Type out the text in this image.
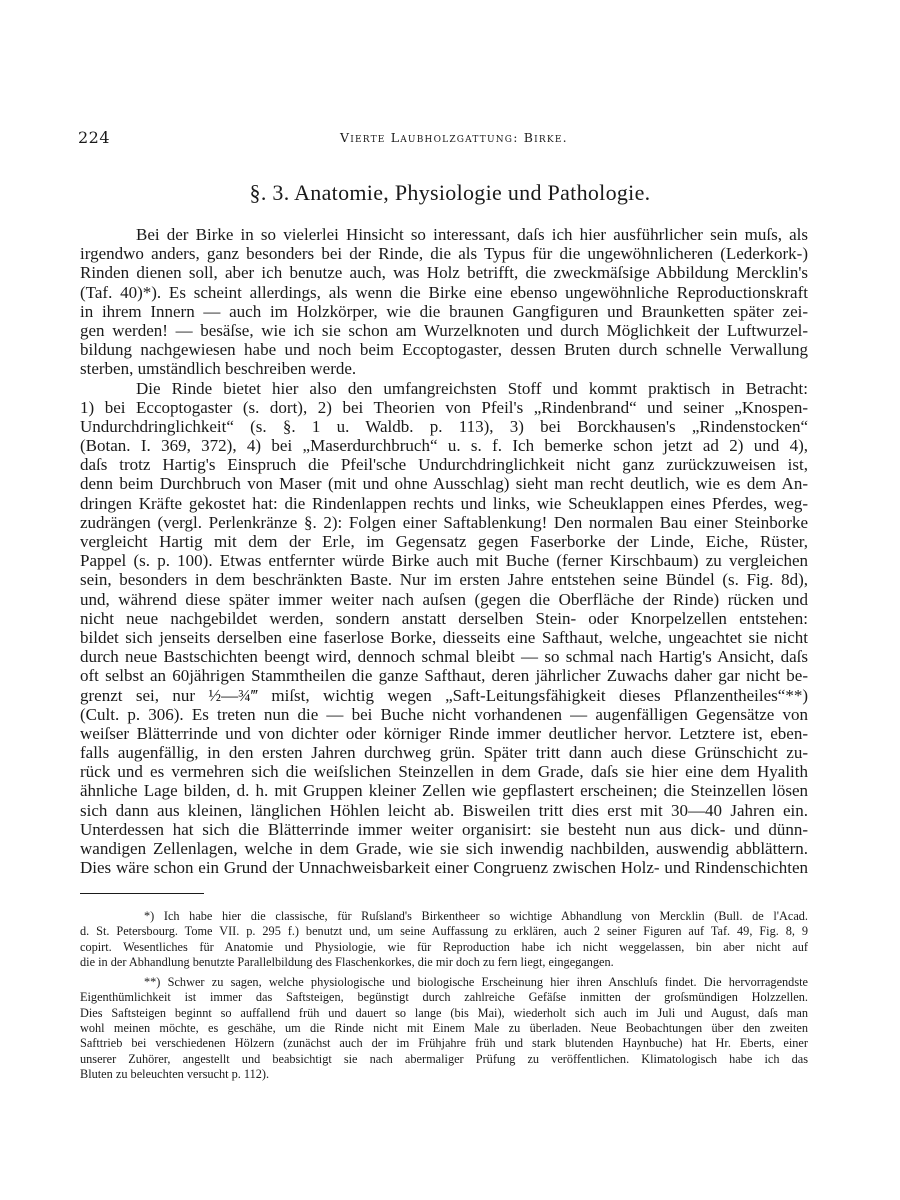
224	Vierte Laubholzgattung: Birke.
§. 3. Anatomie, Physiologie und Pathologie.
Bei der Birke in so vielerlei Hinsicht so interessant, daſs ich hier ausführlicher sein muſs, als
irgendwo anders, ganz besonders bei der Rinde, die als Typus für die ungewöhnlicheren (Lederkork-)
Rinden dienen soll, aber ich benutze auch, was Holz betrifft, die zweckmäſsige Abbildung Mercklin's
(Taf. 40)*). Es scheint allerdings, als wenn die Birke eine ebenso ungewöhnliche Reproductionskraft
in ihrem Innern — auch im Holzkörper, wie die braunen Gangfiguren und Braunketten später zei-
gen werden! — besäſse, wie ich sie schon am Wurzelknoten und durch Möglichkeit der Luftwurzel-
bildung nachgewiesen habe und noch beim Eccoptogaster, dessen Bruten durch schnelle Verwallung
sterben, umständlich beschreiben werde.
Die Rinde bietet hier also den umfangreichsten Stoff und kommt praktisch in Betracht:
1) bei Eccoptogaster (s. dort), 2) bei Theorien von Pfeil's „Rindenbrand“ und seiner „Knospen-
Undurchdringlichkeit“ (s. §. 1 u. Waldb. p. 113), 3) bei Borckhausen's „Rindenstocken“
(Botan. I. 369, 372), 4) bei „Maserdurchbruch“ u. s. f. Ich bemerke schon jetzt ad 2) und 4),
daſs trotz Hartig's Einspruch die Pfeil'sche Undurchdringlichkeit nicht ganz zurückzuweisen ist,
denn beim Durchbruch von Maser (mit und ohne Ausschlag) sieht man recht deutlich, wie es dem An-
dringen Kräfte gekostet hat: die Rindenlappen rechts und links, wie Scheuklappen eines Pferdes, weg-
zudrängen (vergl. Perlenkränze §. 2): Folgen einer Saftablenkung! Den normalen Bau einer Steinborke
vergleicht Hartig mit dem der Erle, im Gegensatz gegen Faserborke der Linde, Eiche, Rüster,
Pappel (s. p. 100). Etwas entfernter würde Birke auch mit Buche (ferner Kirschbaum) zu vergleichen
sein, besonders in dem beschränkten Baste. Nur im ersten Jahre entstehen seine Bündel (s. Fig. 8d),
und, während diese später immer weiter nach auſsen (gegen die Oberfläche der Rinde) rücken und
nicht neue nachgebildet werden, sondern anstatt derselben Stein- oder Knorpelzellen entstehen:
bildet sich jenseits derselben eine faserlose Borke, diesseits eine Safthaut, welche, ungeachtet sie nicht
durch neue Bastschichten beengt wird, dennoch schmal bleibt — so schmal nach Hartig's Ansicht, daſs
oft selbst an 60jährigen Stammtheilen die ganze Safthaut, deren jährlicher Zuwachs daher gar nicht be-
grenzt sei, nur ½—¾‴ miſst, wichtig wegen „Saft-Leitungsfähigkeit dieses Pflanzentheiles“**)
(Cult. p. 306). Es treten nun die — bei Buche nicht vorhandenen — augenfälligen Gegensätze von
weiſser Blätterrinde und von dichter oder körniger Rinde immer deutlicher hervor. Letztere ist, eben-
falls augenfällig, in den ersten Jahren durchweg grün. Später tritt dann auch diese Grünschicht zu-
rück und es vermehren sich die weiſslichen Steinzellen in dem Grade, daſs sie hier eine dem Hyalith
ähnliche Lage bilden, d. h. mit Gruppen kleiner Zellen wie gepflastert erscheinen; die Steinzellen lösen
sich dann aus kleinen, länglichen Höhlen leicht ab. Bisweilen tritt dies erst mit 30—40 Jahren ein.
Unterdessen hat sich die Blätterrinde immer weiter organisirt: sie besteht nun aus dick- und dünn-
wandigen Zellenlagen, welche in dem Grade, wie sie sich inwendig nachbilden, auswendig abblättern.
Dies wäre schon ein Grund der Unnachweisbarkeit einer Congruenz zwischen Holz- und Rindenschichten
*) Ich habe hier die classische, für Ruſsland's Birkentheer so wichtige Abhandlung von Mercklin (Bull. de l'Acad.
d. St. Petersbourg. Tome VII. p. 295 f.) benutzt und, um seine Auffassung zu erklären, auch 2 seiner Figuren auf Taf. 49, Fig. 8, 9
copirt. Wesentliches für Anatomie und Physiologie, wie für Reproduction habe ich nicht weggelassen, bin aber nicht auf
die in der Abhandlung benutzte Parallelbildung des Flaschenkorkes, die mir doch zu fern liegt, eingegangen.
**) Schwer zu sagen, welche physiologische und biologische Erscheinung hier ihren Anschluſs findet. Die hervorragendste
Eigenthümlichkeit ist immer das Saftsteigen, begünstigt durch zahlreiche Gefäſse inmitten der groſsmündigen Holzzellen.
Dies Saftsteigen beginnt so auffallend früh und dauert so lange (bis Mai), wiederholt sich auch im Juli und August, daſs man
wohl meinen möchte, es geschähe, um die Rinde nicht mit Einem Male zu überladen. Neue Beobachtungen über den zweiten
Safttrieb bei verschiedenen Hölzern (zunächst auch der im Frühjahre früh und stark blutenden Haynbuche) hat Hr. Eberts, einer
unserer Zuhörer, angestellt und beabsichtigt sie nach abermaliger Prüfung zu veröffentlichen. Klimatologisch habe ich das
Bluten zu beleuchten versucht p. 112).
